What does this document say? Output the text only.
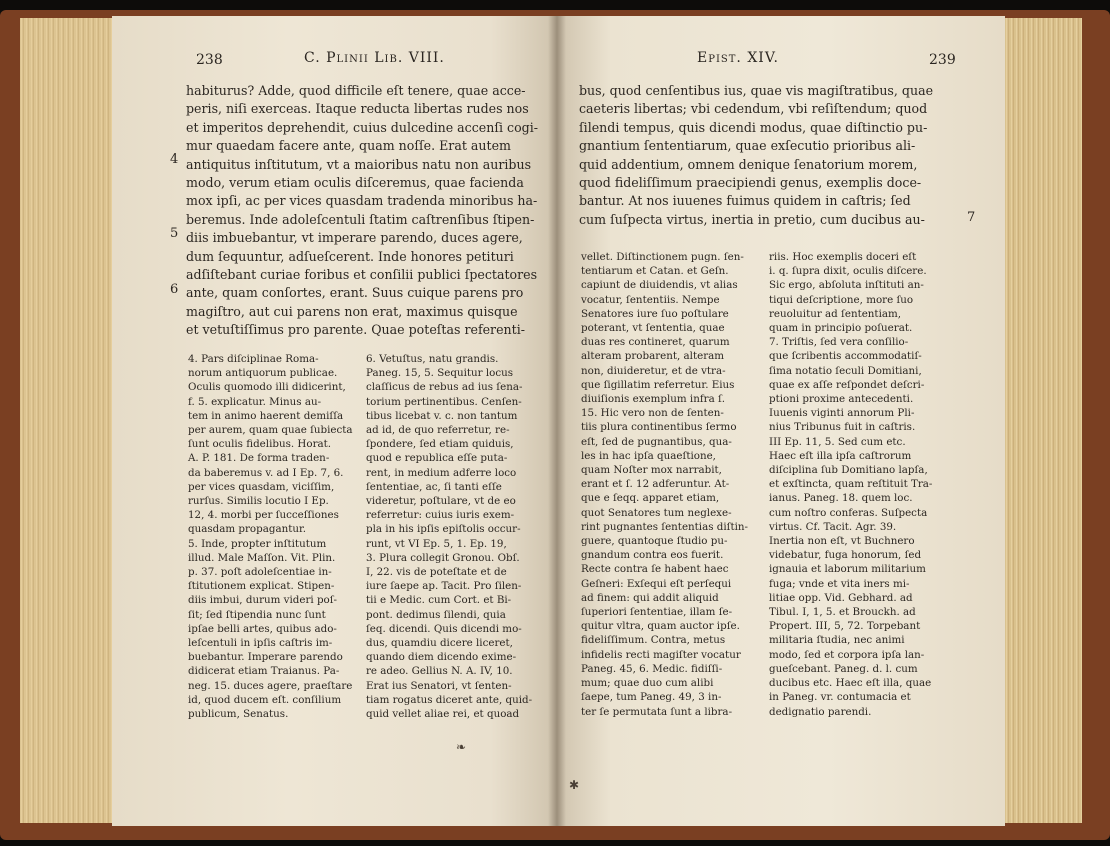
238	C. Plinii Lib. VIII.
habiturus? Adde, quod difficile eſt tenere, quae acce-
peris, niſi exerceas. Itaque reducta libertas rudes nos
et imperitos deprehendit, cuius dulcedine accenſi cogi-
mur quaedam facere ante, quam noſſe. Erat autem
antiquitus inſtitutum, vt a maioribus natu non auribus
modo, verum etiam oculis diſceremus, quae facienda
mox ipſi, ac per vices quasdam tradenda minoribus ha-
beremus. Inde adoleſcentuli ſtatim caſtrenſibus ſtipen-
diis imbuebantur, vt imperare parendo, duces agere,
dum ſequuntur, adſueſcerent. Inde honores petituri
adſiſtebant curiae foribus et conſilii publici ſpectatores
ante, quam conſortes, erant. Suus cuique parens pro
magiſtro, aut cui parens non erat, maximus quisque
et vetuſtiſſimus pro parente. Quae poteſtas referenti-
4
5
6
4. Pars diſciplinae Roma-
norum antiquorum publicae.
Oculis quomodo illi didicerint,
f. 5. explicatur. Minus au-
tem in animo haerent demiſſa
per aurem, quam quae ſubiecta
ſunt oculis fidelibus. Horat.
A. P. 181. De forma traden-
da baberemus v. ad I Ep. 7, 6.
per vices quasdam, viciſſim,
rurſus. Similis locutio I Ep.
12, 4. morbi per ſucceſſiones
quasdam propagantur.
5. Inde, propter inſtitutum
illud. Male Maſſon. Vit. Plin.
p. 37. poſt adoleſcentiae in-
ſtitutionem explicat. Stipen-
diis imbui, durum videri poſ-
ſit; ſed ſtipendia nunc ſunt
ipſae belli artes, quibus ado-
leſcentuli in ipſis caſtris im-
buebantur. Imperare parendo
didicerat etiam Traianus. Pa-
neg. 15. duces agere, praeſtare
id, quod ducem eſt. conſilium
publicum, Senatus.
6. Vetuſtus, natu grandis.
Paneg. 15, 5. Sequitur locus
claſſicus de rebus ad ius ſena-
torium pertinentibus. Cenſen-
tibus licebat v. c. non tantum
ad id, de quo referretur, re-
ſpondere, ſed etiam quiduis,
quod e republica eſſe puta-
rent, in medium adferre loco
ſententiae, ac, ſi tanti eſſe
videretur, poſtulare, vt de eo
referretur: cuius iuris exem-
pla in his ipſis epiſtolis occur-
runt, vt VI Ep. 5, 1. Ep. 19,
3. Plura collegit Gronou. Obſ.
I, 22. vis de poteſtate et de
iure ſaepe ap. Tacit. Pro ſilen-
tii e Medic. cum Cort. et Bi-
pont. dedimus ſilendi, quia
ſeq. dicendi. Quis dicendi mo-
dus, quamdiu dicere liceret,
quando diem dicendo exime-
re adeo. Gellius N. A. IV, 10.
Erat ius Senatori, vt ſenten-
tiam rogatus diceret ante, quid-
quid vellet aliae rei, et quoad
❧
Epist. XIV.	239
bus, quod cenſentibus ius, quae vis magiſtratibus, quae
caeteris libertas; vbi cedendum, vbi reſiſtendum; quod
ſilendi tempus, quis dicendi modus, quae diſtinctio pu-
gnantium ſententiarum, quae exſecutio prioribus ali-
quid addentium, omnem denique ſenatorium morem,
quod fideliſſimum praecipiendi genus, exemplis doce-
bantur. At nos iuuenes fuimus quidem in caſtris; ſed
cum ſuſpecta virtus, inertia in pretio, cum ducibus au-	7
vellet. Diſtinctionem pugn. ſen-
tentiarum et Catan. et Geſn.
capiunt de diuidendis, vt alias
vocatur, ſententiis. Nempe
Senatores iure ſuo poſtulare
poterant, vt ſententia, quae
duas res contineret, quarum
alteram probarent, alteram
non, diuideretur, et de vtra-
que ſigillatim referretur. Eius
diuiſionis exemplum infra ſ.
15. Hic vero non de ſenten-
tiis plura continentibus ſermo
eſt, ſed de pugnantibus, qua-
les in hac ipſa quaeſtione,
quam Noſter mox narrabit,
erant et ſ. 12 adferuntur. At-
que e ſeqq. apparet etiam,
quot Senatores tum neglexe-
rint pugnantes ſententias diſtin-
guere, quantoque ſtudio pu-
gnandum contra eos fuerit.
Recte contra ſe habent haec
Geſneri: Exſequi eſt perſequi
ad finem: qui addit aliquid
ſuperiori ſententiae, illam ſe-
quitur vltra, quam auctor ipſe.
fideliſſimum. Contra, metus
infidelis recti magiſter vocatur
Paneg. 45, 6. Medic. fidiſſi-
mum; quae duo cum alibi
ſaepe, tum Paneg. 49, 3 in-
ter ſe permutata ſunt a libra-
riis. Hoc exemplis doceri eſt
i. q. ſupra dixit, oculis diſcere.
Sic ergo, abſoluta inſtituti an-
tiqui deſcriptione, more ſuo
reuoluitur ad ſententiam,
quam in principio poſuerat.
7. Triſtis, ſed vera conſilio-
que ſcribentis accommodatiſ-
ſima notatio ſeculi Domitiani,
quae ex aſſe reſpondet deſcri-
ptioni proxime antecedenti.
Iuuenis viginti annorum Pli-
nius Tribunus fuit in caſtris.
III Ep. 11, 5. Sed cum etc.
Haec eſt illa ipſa caſtrorum
diſciplina ſub Domitiano lapſa,
et exſtincta, quam reſtituit Tra-
ianus. Paneg. 18. quem loc.
cum noſtro conferas. Suſpecta
virtus. Cf. Tacit. Agr. 39.
Inertia non eſt, vt Buchnero
videbatur, fuga honorum, ſed
ignauia et laborum militarium
fuga; vnde et vita iners mi-
litiae opp. Vid. Gebhard. ad
Tibul. I, 1, 5. et Brouckh. ad
Propert. III, 5, 72. Torpebant
militaria ſtudia, nec animi
modo, ſed et corpora ipſa lan-
gueſcebant. Paneg. d. l. cum
ducibus etc. Haec eſt illa, quae
in Paneg. vr. contumacia et
dedignatio parendi.
✱
